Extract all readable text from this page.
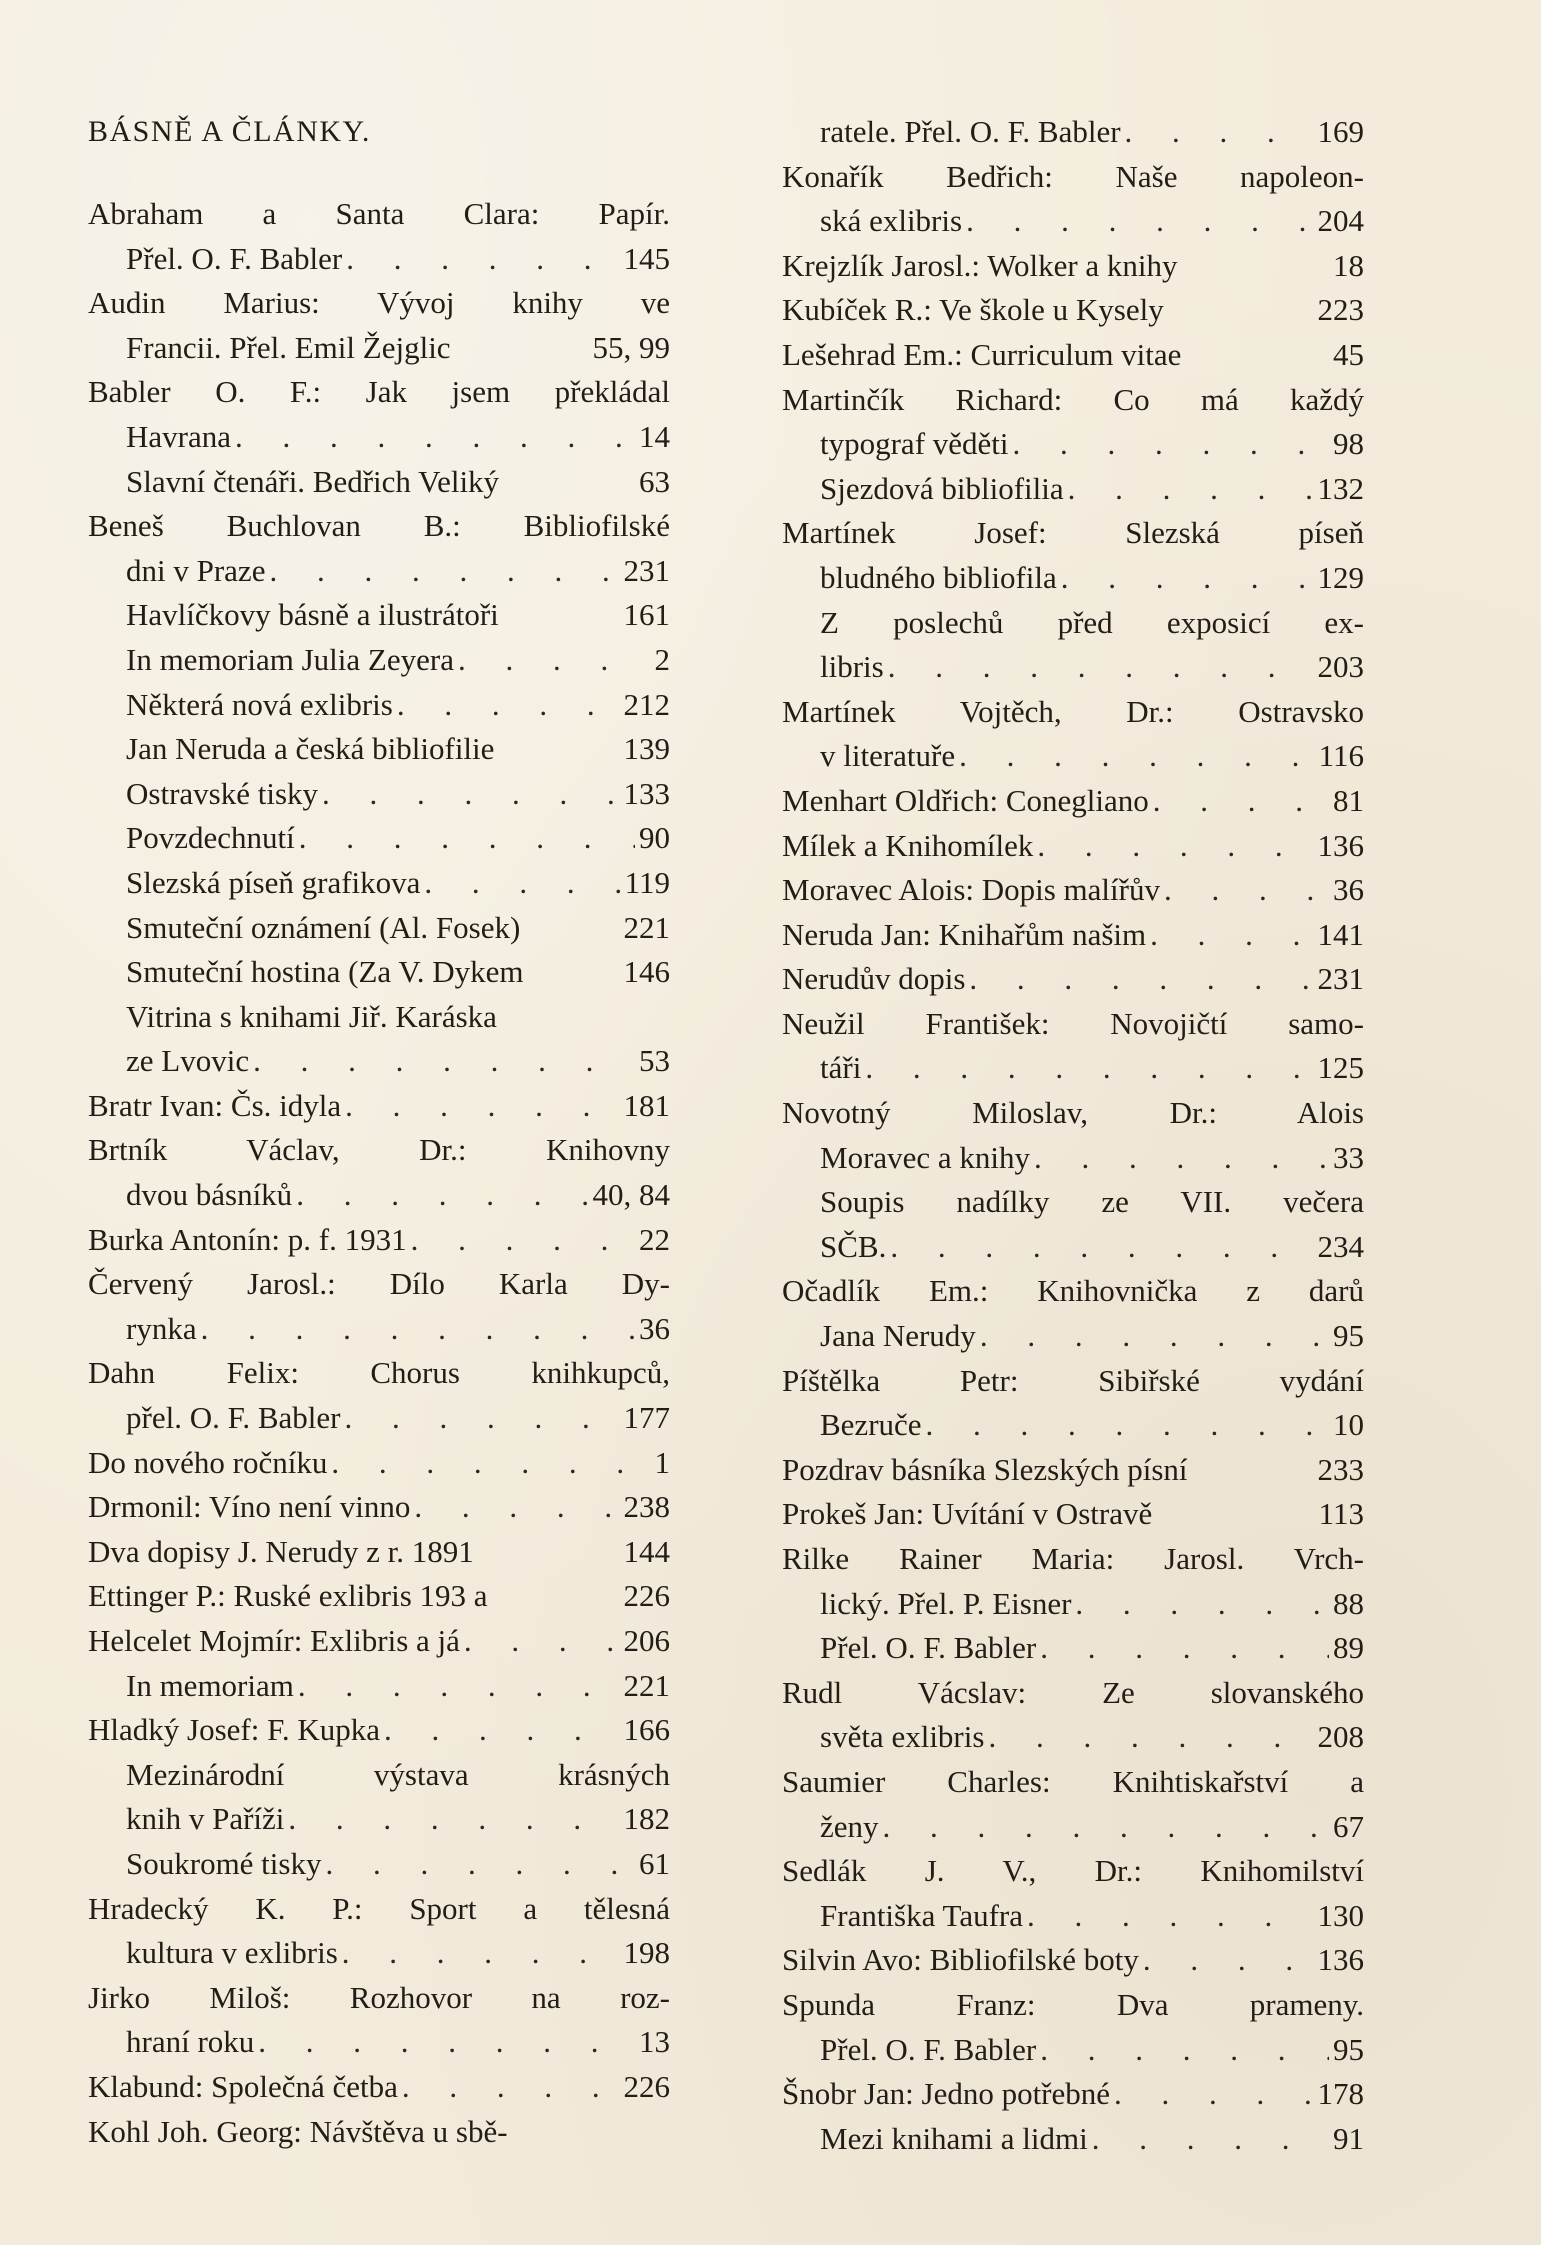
BÁSNĚ A ČLÁNKY.
Abraham a Santa Clara: Papír.
Přel. O. F. Babler . . .	145
Audin Marius: Vývoj knihy ve
Francii. Přel. Emil Žejglic	55, 99
Babler O. F.: Jak jsem překládal
Havrana . . .	14
Slavní čtenáři. Bedřich Veliký	63
Beneš Buchlovan B.: Bibliofilské
dni v Praze . . .	231
Havlíčkovy básně a ilustrátoři	161
In memoriam Julia Zeyera . . .	2
Některá nová exlibris . . .	212
Jan Neruda a česká bibliofilie	139
Ostravské tisky . . .	133
Povzdechnutí . . .	90
Slezská píseň grafikova . . .	119
Smuteční oznámení (Al. Fosek)	221
Smuteční hostina (Za V. Dykem	146
Vitrina s knihami Jiř. Karáska
ze Lvovic . . .	53
Bratr Ivan: Čs. idyla . . .	181
Brtník Václav, Dr.: Knihovny
dvou básníků . . .	40, 84
Burka Antonín: p. f. 1931 . . .	22
Červený Jarosl.: Dílo Karla Dy-
rynka . . .	36
Dahn Felix: Chorus knihkupců,
přel. O. F. Babler . . .	177
Do nového ročníku . . .	1
Drmonil: Víno není vinno . . .	238
Dva dopisy J. Nerudy z r. 1891	144
Ettinger P.: Ruské exlibris 193 a	226
Helcelet Mojmír: Exlibris a já . . .	206
In memoriam . . .	221
Hladký Josef: F. Kupka . . .	166
Mezinárodní výstava krásných
knih v Paříži . . .	182
Soukromé tisky . . .	61
Hradecký K. P.: Sport a tělesná
kultura v exlibris . . .	198
Jirko Miloš: Rozhovor na roz-
hraní roku . . .	13
Klabund: Společná četba . . .	226
Kohl Joh. Georg: Návštěva u sbě-
ratele. Přel. O. F. Babler . . .	169
Konařík Bedřich: Naše napoleon-
ská exlibris . . .	204
Krejzlík Jarosl.: Wolker a knihy	18
Kubíček R.: Ve škole u Kysely	223
Lešehrad Em.: Curriculum vitae	45
Martinčík Richard: Co má každý
typograf věděti . . .	98
Sjezdová bibliofilia . . .	132
Martínek Josef: Slezská píseň
bludného bibliofila . . .	129
Z poslechů před exposicí ex-
libris . . .	203
Martínek Vojtěch, Dr.: Ostravsko
v literatuře . . .	116
Menhart Oldřich: Conegliano . . .	81
Mílek a Knihomílek . . .	136
Moravec Alois: Dopis malířův . . .	36
Neruda Jan: Knihařům našim . . .	141
Nerudův dopis . . .	231
Neužil František: Novojičtí samo-
táři . . .	125
Novotný Miloslav, Dr.: Alois
Moravec a knihy . . .	33
Soupis nadílky ze VII. večera
SČB. . . .	234
Očadlík Em.: Knihovnička z darů
Jana Nerudy . . .	95
Píštělka Petr: Sibiřské vydání
Bezruče . . .	10
Pozdrav básníka Slezských písní	233
Prokeš Jan: Uvítání v Ostravě	113
Rilke Rainer Maria: Jarosl. Vrch-
lický. Přel. P. Eisner . . .	88
Přel. O. F. Babler . . .	89
Rudl Vácslav: Ze slovanského
světa exlibris . . .	208
Saumier Charles: Knihtiskařství a
ženy . . .	67
Sedlák J. V., Dr.: Knihomilství
Františka Taufra . . .	130
Silvin Avo: Bibliofilské boty . . .	136
Spunda Franz: Dva prameny.
Přel. O. F. Babler . . .	95
Šnobr Jan: Jedno potřebné . . .	178
Mezi knihami a lidmi . . .	91
